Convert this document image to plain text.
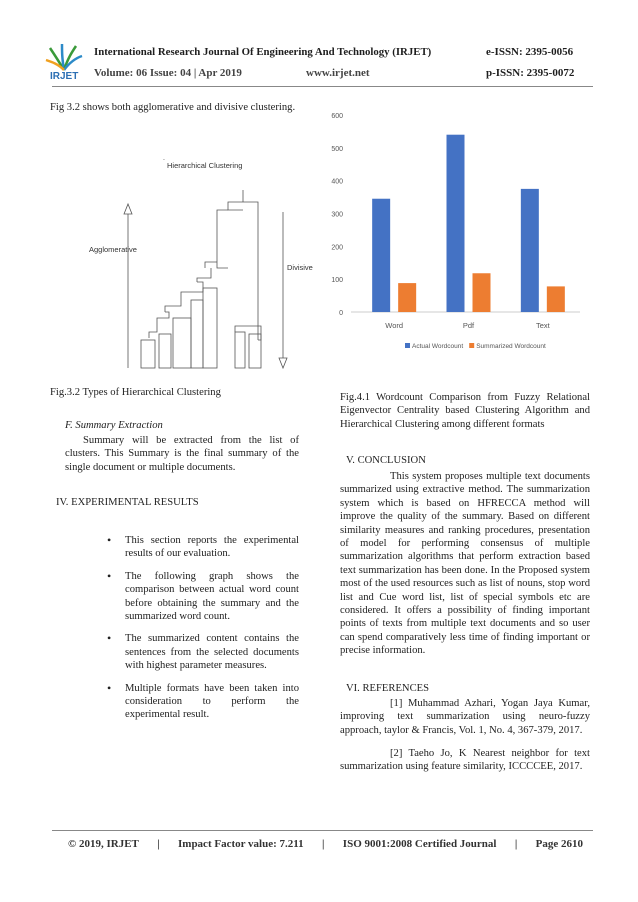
IRJET
International Research Journal Of Engineering And Technology (IRJET)
Volume: 06 Issue: 04 | Apr 2019	www.irjet.net
e-ISSN: 2395-0056
p-ISSN: 2395-0072
Fig 3.2 shows both agglomerative and divisive clustering.
Hierarchical Clustering
.
Agglomerative
Divisive
Fig.3.2 Types of Hierarchical Clustering
F. Summary Extraction
Summary will be extracted from the list of clusters. This Summary is the final summary of the single document or multiple documents.
IV. EXPERIMENTAL RESULTS
• This section reports the experimental results of our evaluation.
• The following graph shows the comparison between actual word count before obtaining the summary and the summarized word count.
• The summarized content contains the sentences from the selected documents with highest parameter measures.
• Multiple formats have been taken into consideration to perform the experimental result.
0
100
200
300
400
500
600
Word	Pdf	Text
Actual Wordcount Summarized Wordcount
Fig.4.1 Wordcount Comparison from Fuzzy Relational Eigenvector Centrality based Clustering Algorithm and Hierarchical Clustering among different formats
V. CONCLUSION
This system proposes multiple text documents summarized using extractive method. The summarization system which is based on HFRECCA method will improve the quality of the summary. Based on different similarity measures and ranking procedures, presentation of model for performing consensus of multiple summarization algorithms that perform extraction based text summarization has been done. In the Proposed system most of the used resources such as list of nouns, stop word list and Cue word list, list of special symbols etc are considered. It offers a possibility of finding important points of texts from multiple text documents and so user can spend comparatively less time of finding important or precise information.
VI. REFERENCES
[1] Muhammad Azhari, Yogan Jaya Kumar, improving text summarization using neuro-fuzzy approach, taylor & Francis, Vol. 1, No. 4, 367-379, 2017.
[2] Taeho Jo, K Nearest neighbor for text summarization using feature similarity, ICCCCEE, 2017.
© 2019, IRJET | Impact Factor value: 7.211 | ISO 9001:2008 Certified Journal | Page 2610
